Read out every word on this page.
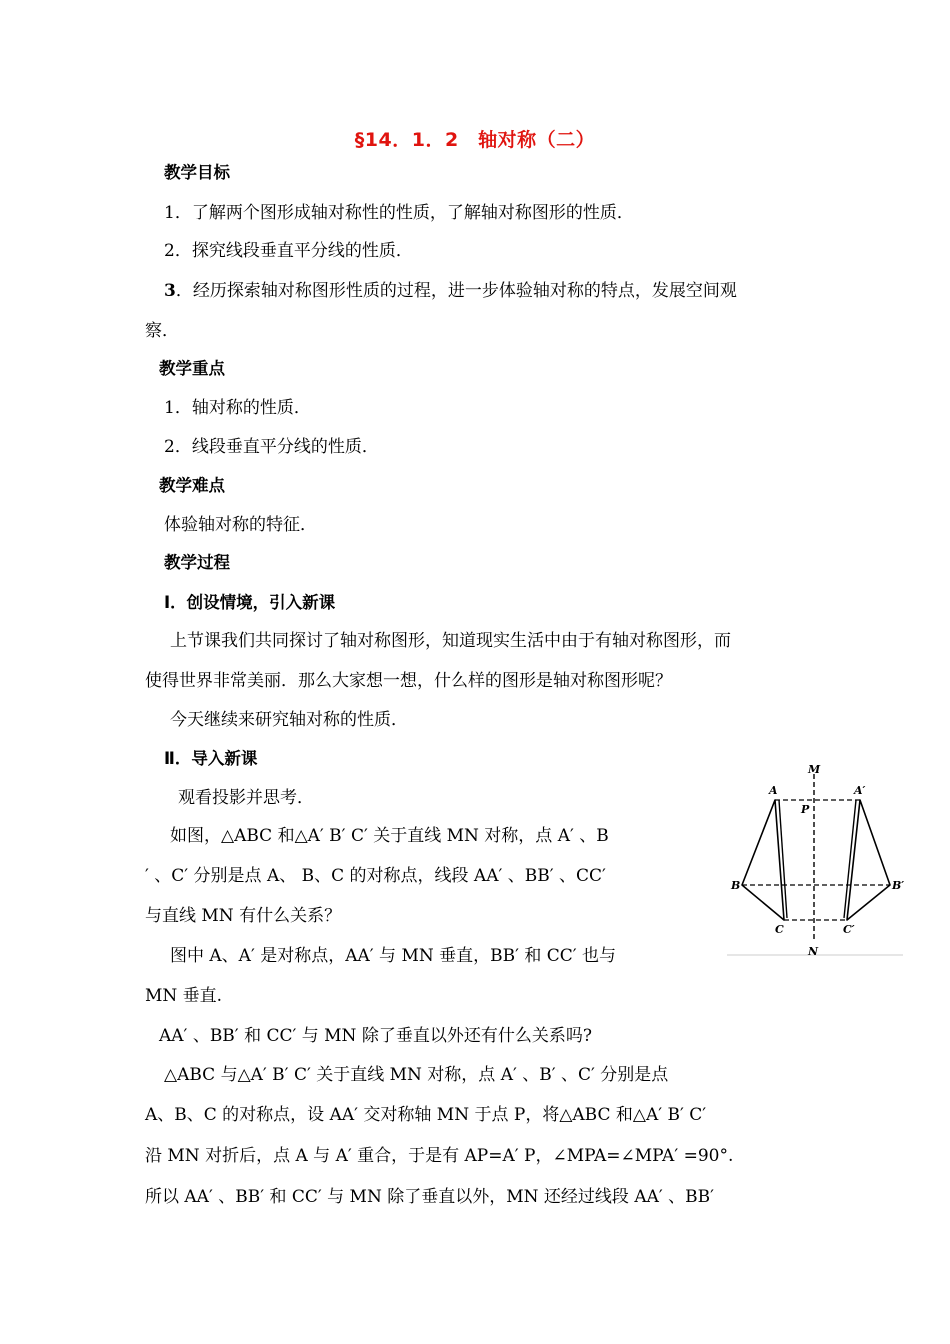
§14．1．2　轴对称（二）
教学目标
1．了解两个图形成轴对称性的性质，了解轴对称图形的性质．
2．探究线段垂直平分线的性质．
3．经历探索轴对称图形性质的过程，进一步体验轴对称的特点，发展空间观
察．
教学重点
1．轴对称的性质．
2．线段垂直平分线的性质．
教学难点
体验轴对称的特征．
教学过程
Ⅰ．创设情境，引入新课
上节课我们共同探讨了轴对称图形，知道现实生活中由于有轴对称图形，而
使得世界非常美丽．那么大家想一想，什么样的图形是轴对称图形呢？
今天继续来研究轴对称的性质．
Ⅱ．导入新课
观看投影并思考．
如图，△ABC 和△A′ B′ C′ 关于直线 MN 对称，点 A′ 、B
′ 、C′ 分别是点 A、 B、C 的对称点，线段 AA′ 、BB′ 、CC′
与直线 MN 有什么关系？
图中 A、A′ 是对称点，AA′ 与 MN 垂直，BB′ 和 CC′ 也与
MN 垂直.
AA′ 、BB′ 和 CC′ 与 MN 除了垂直以外还有什么关系吗?
△ABC 与△A′ B′ C′ 关于直线 MN 对称，点 A′ 、B′ 、C′ 分别是点
A、B、C 的对称点，设 AA′ 交对称轴 MN 于点 P，将△ABC 和△A′ B′ C′
沿 MN 对折后，点 A 与 A′ 重合，于是有 AP=A′ P，∠MPA=∠MPA′ =90°.
所以 AA′ 、BB′ 和 CC′ 与 MN 除了垂直以外，MN 还经过线段 AA′ 、BB′
M
N
P
A	A′
B	B′
C	C′
